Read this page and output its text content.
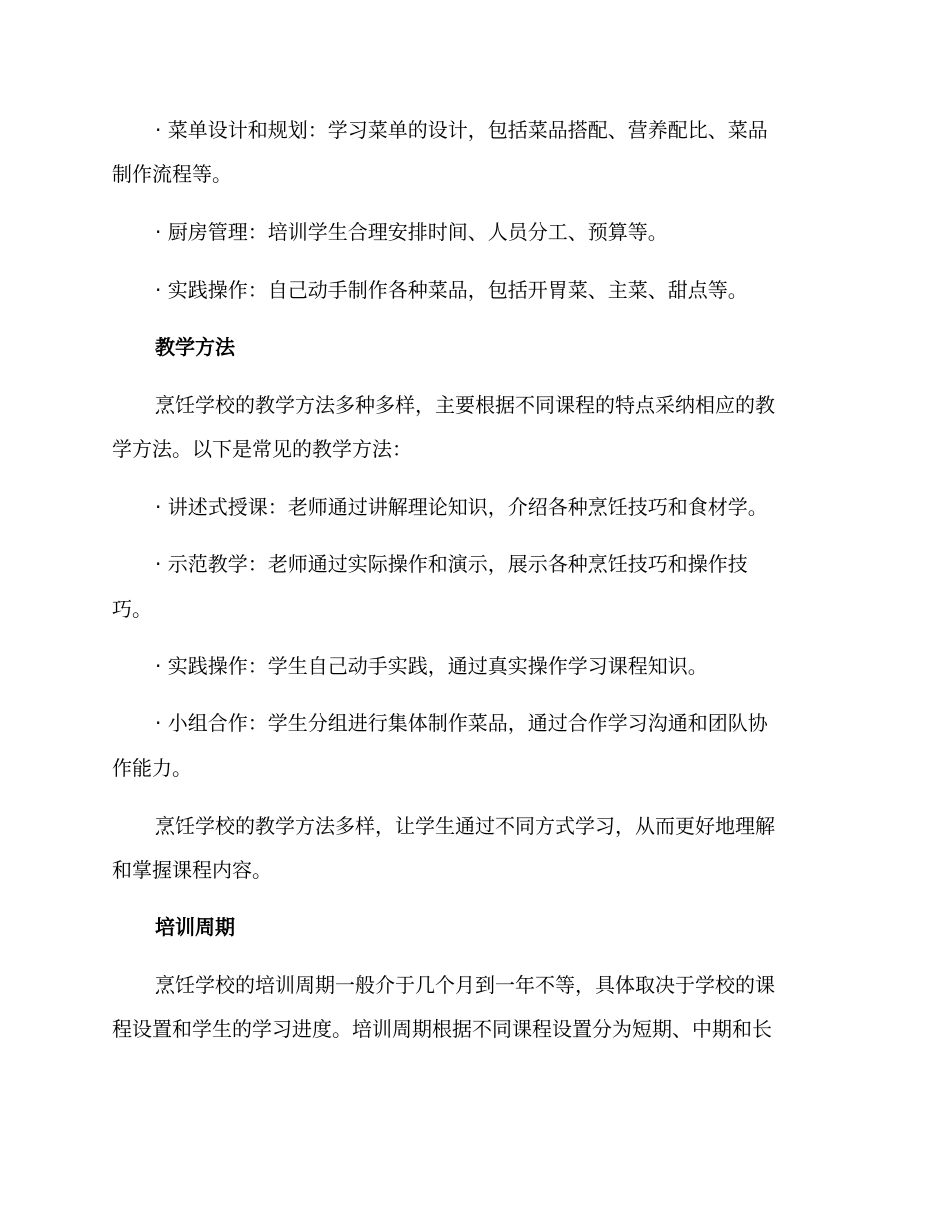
· 菜单设计和规划：学习菜单的设计，包括菜品搭配、营养配比、菜品
制作流程等。
· 厨房管理：培训学生合理安排时间、人员分工、预算等。
· 实践操作：自己动手制作各种菜品，包括开胃菜、主菜、甜点等。
教学方法
烹饪学校的教学方法多种多样，主要根据不同课程的特点采纳相应的教
学方法。以下是常见的教学方法：
· 讲述式授课：老师通过讲解理论知识，介绍各种烹饪技巧和食材学。
· 示范教学：老师通过实际操作和演示，展示各种烹饪技巧和操作技
巧。
· 实践操作：学生自己动手实践，通过真实操作学习课程知识。
· 小组合作：学生分组进行集体制作菜品，通过合作学习沟通和团队协
作能力。
烹饪学校的教学方法多样，让学生通过不同方式学习，从而更好地理解
和掌握课程内容。
培训周期
烹饪学校的培训周期一般介于几个月到一年不等，具体取决于学校的课
程设置和学生的学习进度。培训周期根据不同课程设置分为短期、中期和长
